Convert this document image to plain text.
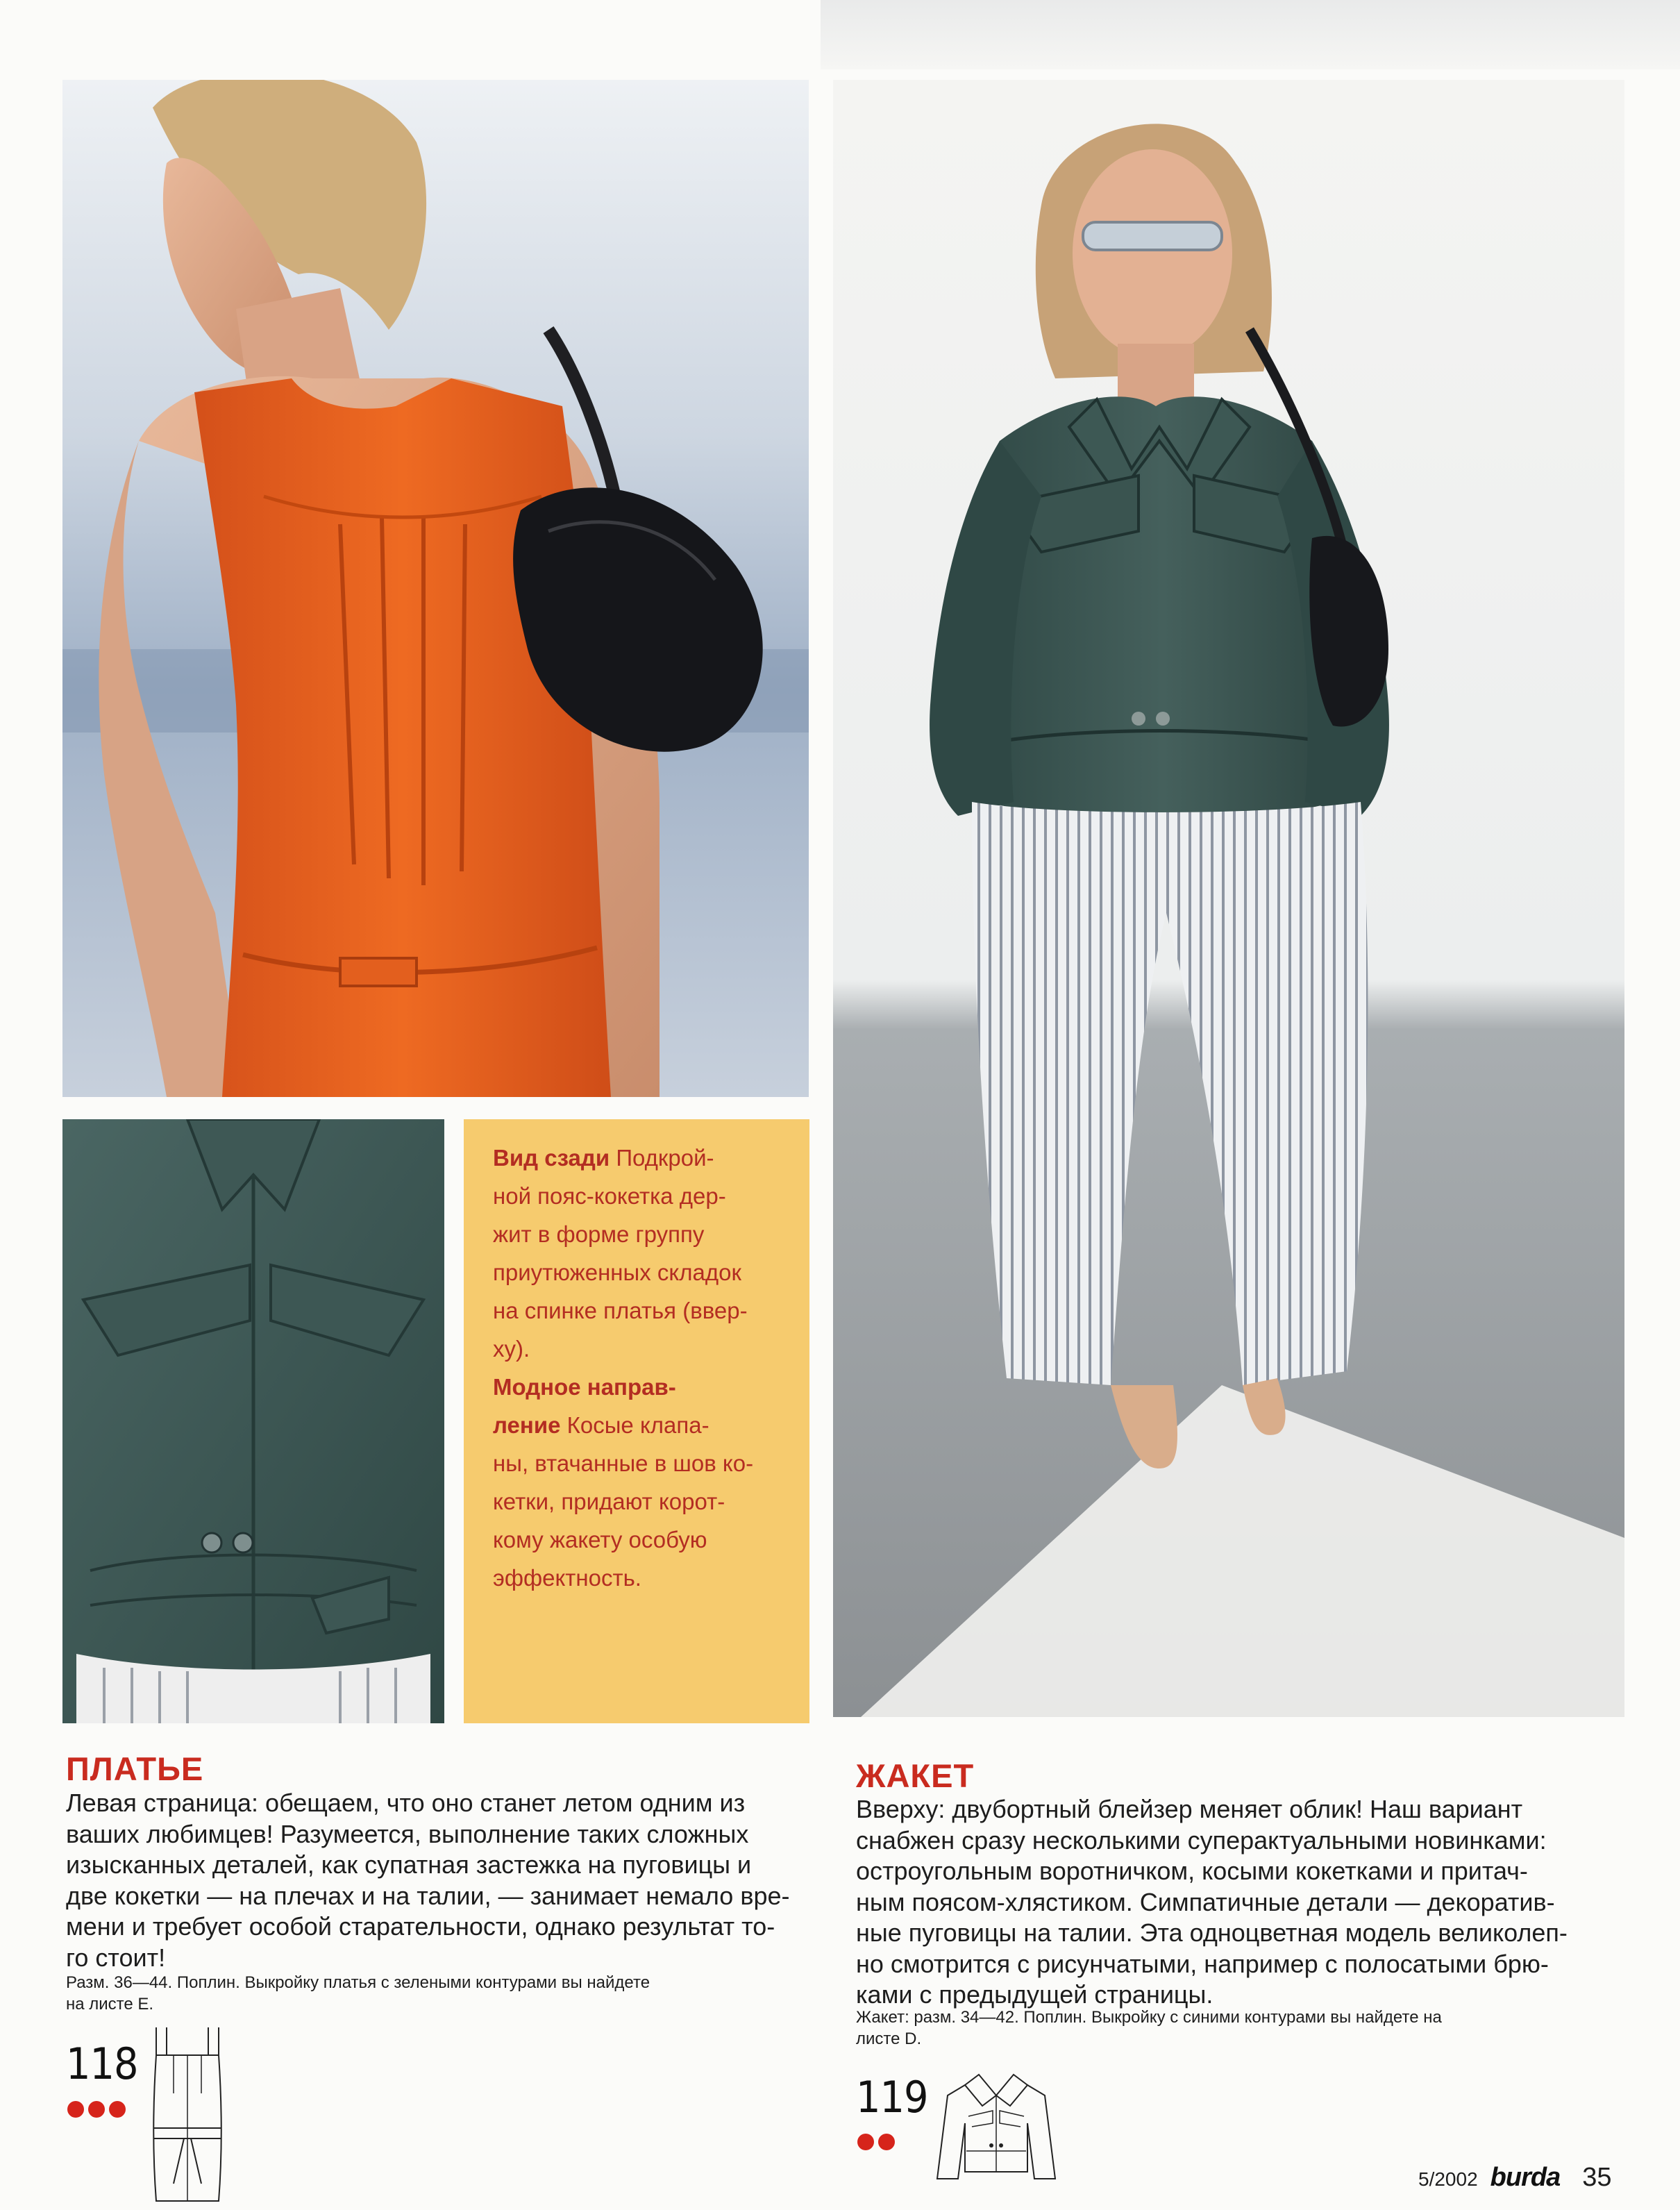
Вид сзади Подкрой-
ной пояс-кокетка дер-
жит в форме группу
приутюженных складок
на спинке платья (ввер-
ху).
Модное направ-
ление Косые клапа-
ны, втачанные в шов ко-
кетки, придают корот-
кому жакету особую
эффектность.
ПЛАТЬЕ
Левая страница: обещаем, что оно станет летом одним из
ваших любимцев! Разумеется, выполнение таких сложных
изысканных деталей, как супатная застежка на пуговицы и
две кокетки — на плечах и на талии, — занимает немало вре-
мени и требует особой старательности, однако результат то-
го стоит!
Разм. 36—44. Поплин. Выкройку платья с зелеными контурами вы найдете
на листе E.
118
ЖАКЕТ
Вверху: двубортный блейзер меняет облик! Наш вариант
снабжен сразу несколькими суперактуальными новинками:
остроугольным воротничком, косыми кокетками и притач-
ным поясом-хлястиком. Симпатичные детали — декоратив-
ные пуговицы на талии. Эта одноцветная модель великолеп-
но смотрится с рисунчатыми, например с полосатыми брю-
ками с предыдущей страницы.
Жакет: разм. 34—42. Поплин. Выкройку с синими контурами вы найдете на
листе D.
119
5/2002 burda 35
